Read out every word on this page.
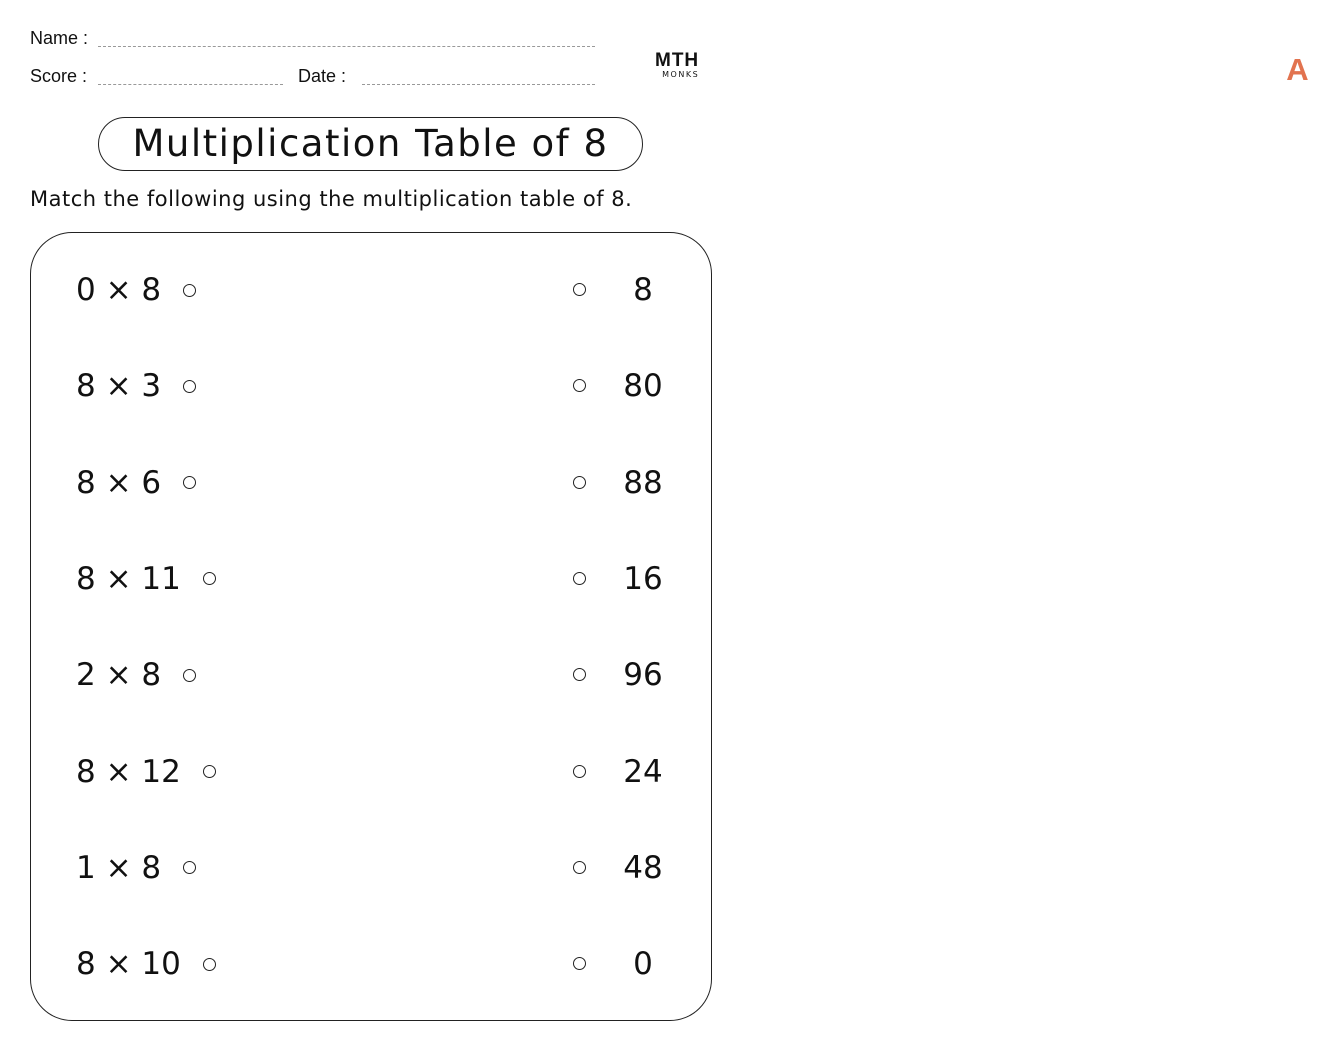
Name :
Score :	Date :
M	A
TH
MONKS
Multiplication Table of 8
Match the following using the multiplication table of 8.
0 × 8	8
8 × 3	80
8 × 6	88
8 × 11	16
2 × 8	96
8 × 12	24
1 × 8	48
8 × 10	0
